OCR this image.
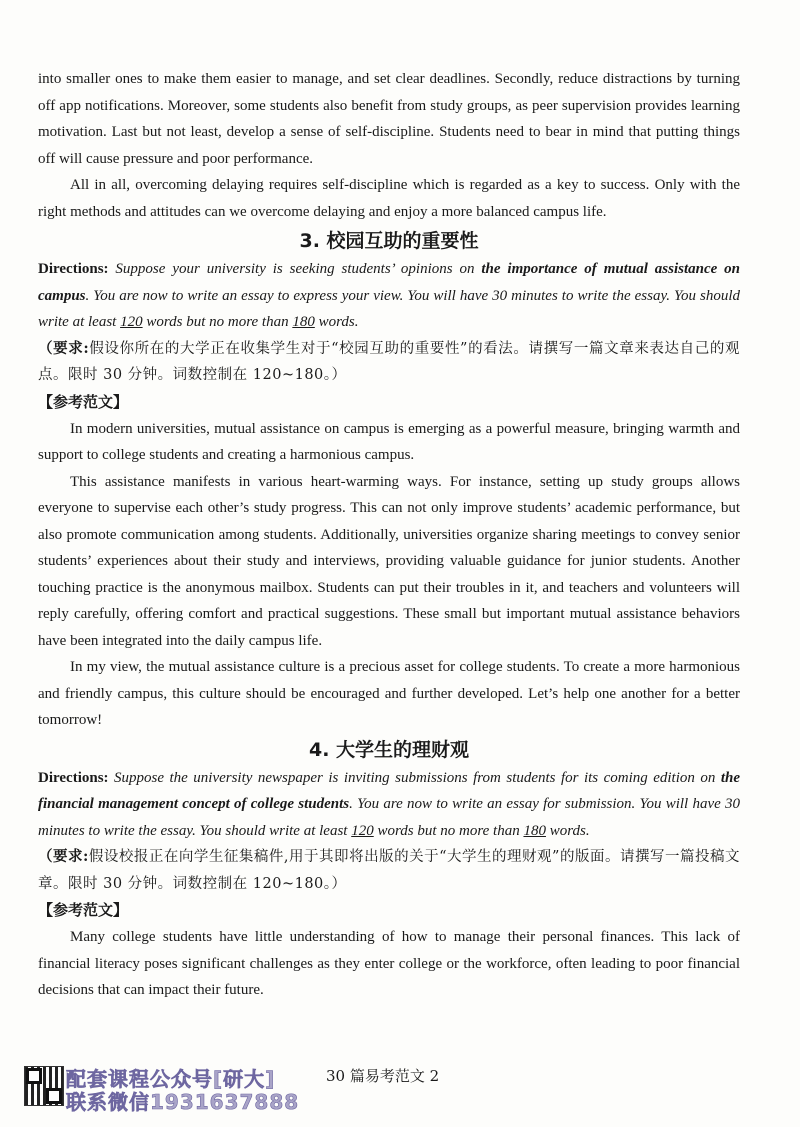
into smaller ones to make them easier to manage, and set clear deadlines. Secondly, reduce distractions by turning off app notifications. Moreover, some students also benefit from study groups, as peer supervision provides learning motivation. Last but not least, develop a sense of self-discipline. Students need to bear in mind that putting things off will cause pressure and poor performance.

All in all, overcoming delaying requires self-discipline which is regarded as a key to success. Only with the right methods and attitudes can we overcome delaying and enjoy a more balanced campus life.

3. 校园互助的重要性

Directions: Suppose your university is seeking students’ opinions on the importance of mutual assistance on campus. You are now to write an essay to express your view. You will have 30 minutes to write the essay. You should write at least 120 words but no more than 180 words.

（要求:假设你所在的大学正在收集学生对于“校园互助的重要性”的看法。请撰写一篇文章来表达自己的观点。限时 30 分钟。词数控制在 120~180。）

【参考范文】

In modern universities, mutual assistance on campus is emerging as a powerful measure, bringing warmth and support to college students and creating a harmonious campus.

This assistance manifests in various heart-warming ways. For instance, setting up study groups allows everyone to supervise each other’s study progress. This can not only improve students’ academic performance, but also promote communication among students. Additionally, universities organize sharing meetings to convey senior students’ experiences about their study and interviews, providing valuable guidance for junior students. Another touching practice is the anonymous mailbox. Students can put their troubles in it, and teachers and volunteers will reply carefully, offering comfort and practical suggestions. These small but important mutual assistance behaviors have been integrated into the daily campus life.

In my view, the mutual assistance culture is a precious asset for college students. To create a more harmonious and friendly campus, this culture should be encouraged and further developed. Let’s help one another for a better tomorrow!

4. 大学生的理财观

Directions: Suppose the university newspaper is inviting submissions from students for its coming edition on the financial management concept of college students. You are now to write an essay for submission. You will have 30 minutes to write the essay. You should write at least 120 words but no more than 180 words.

（要求:假设校报正在向学生征集稿件,用于其即将出版的关于“大学生的理财观”的版面。请撰写一篇投稿文章。限时 30 分钟。词数控制在 120~180。）

【参考范文】

Many college students have little understanding of how to manage their personal finances. This lack of financial literacy poses significant challenges as they enter college or the workforce, often leading to poor financial decisions that can impact their future.

配套课程公众号[研大]
联系微信1931637888
30 篇易考范文 2
